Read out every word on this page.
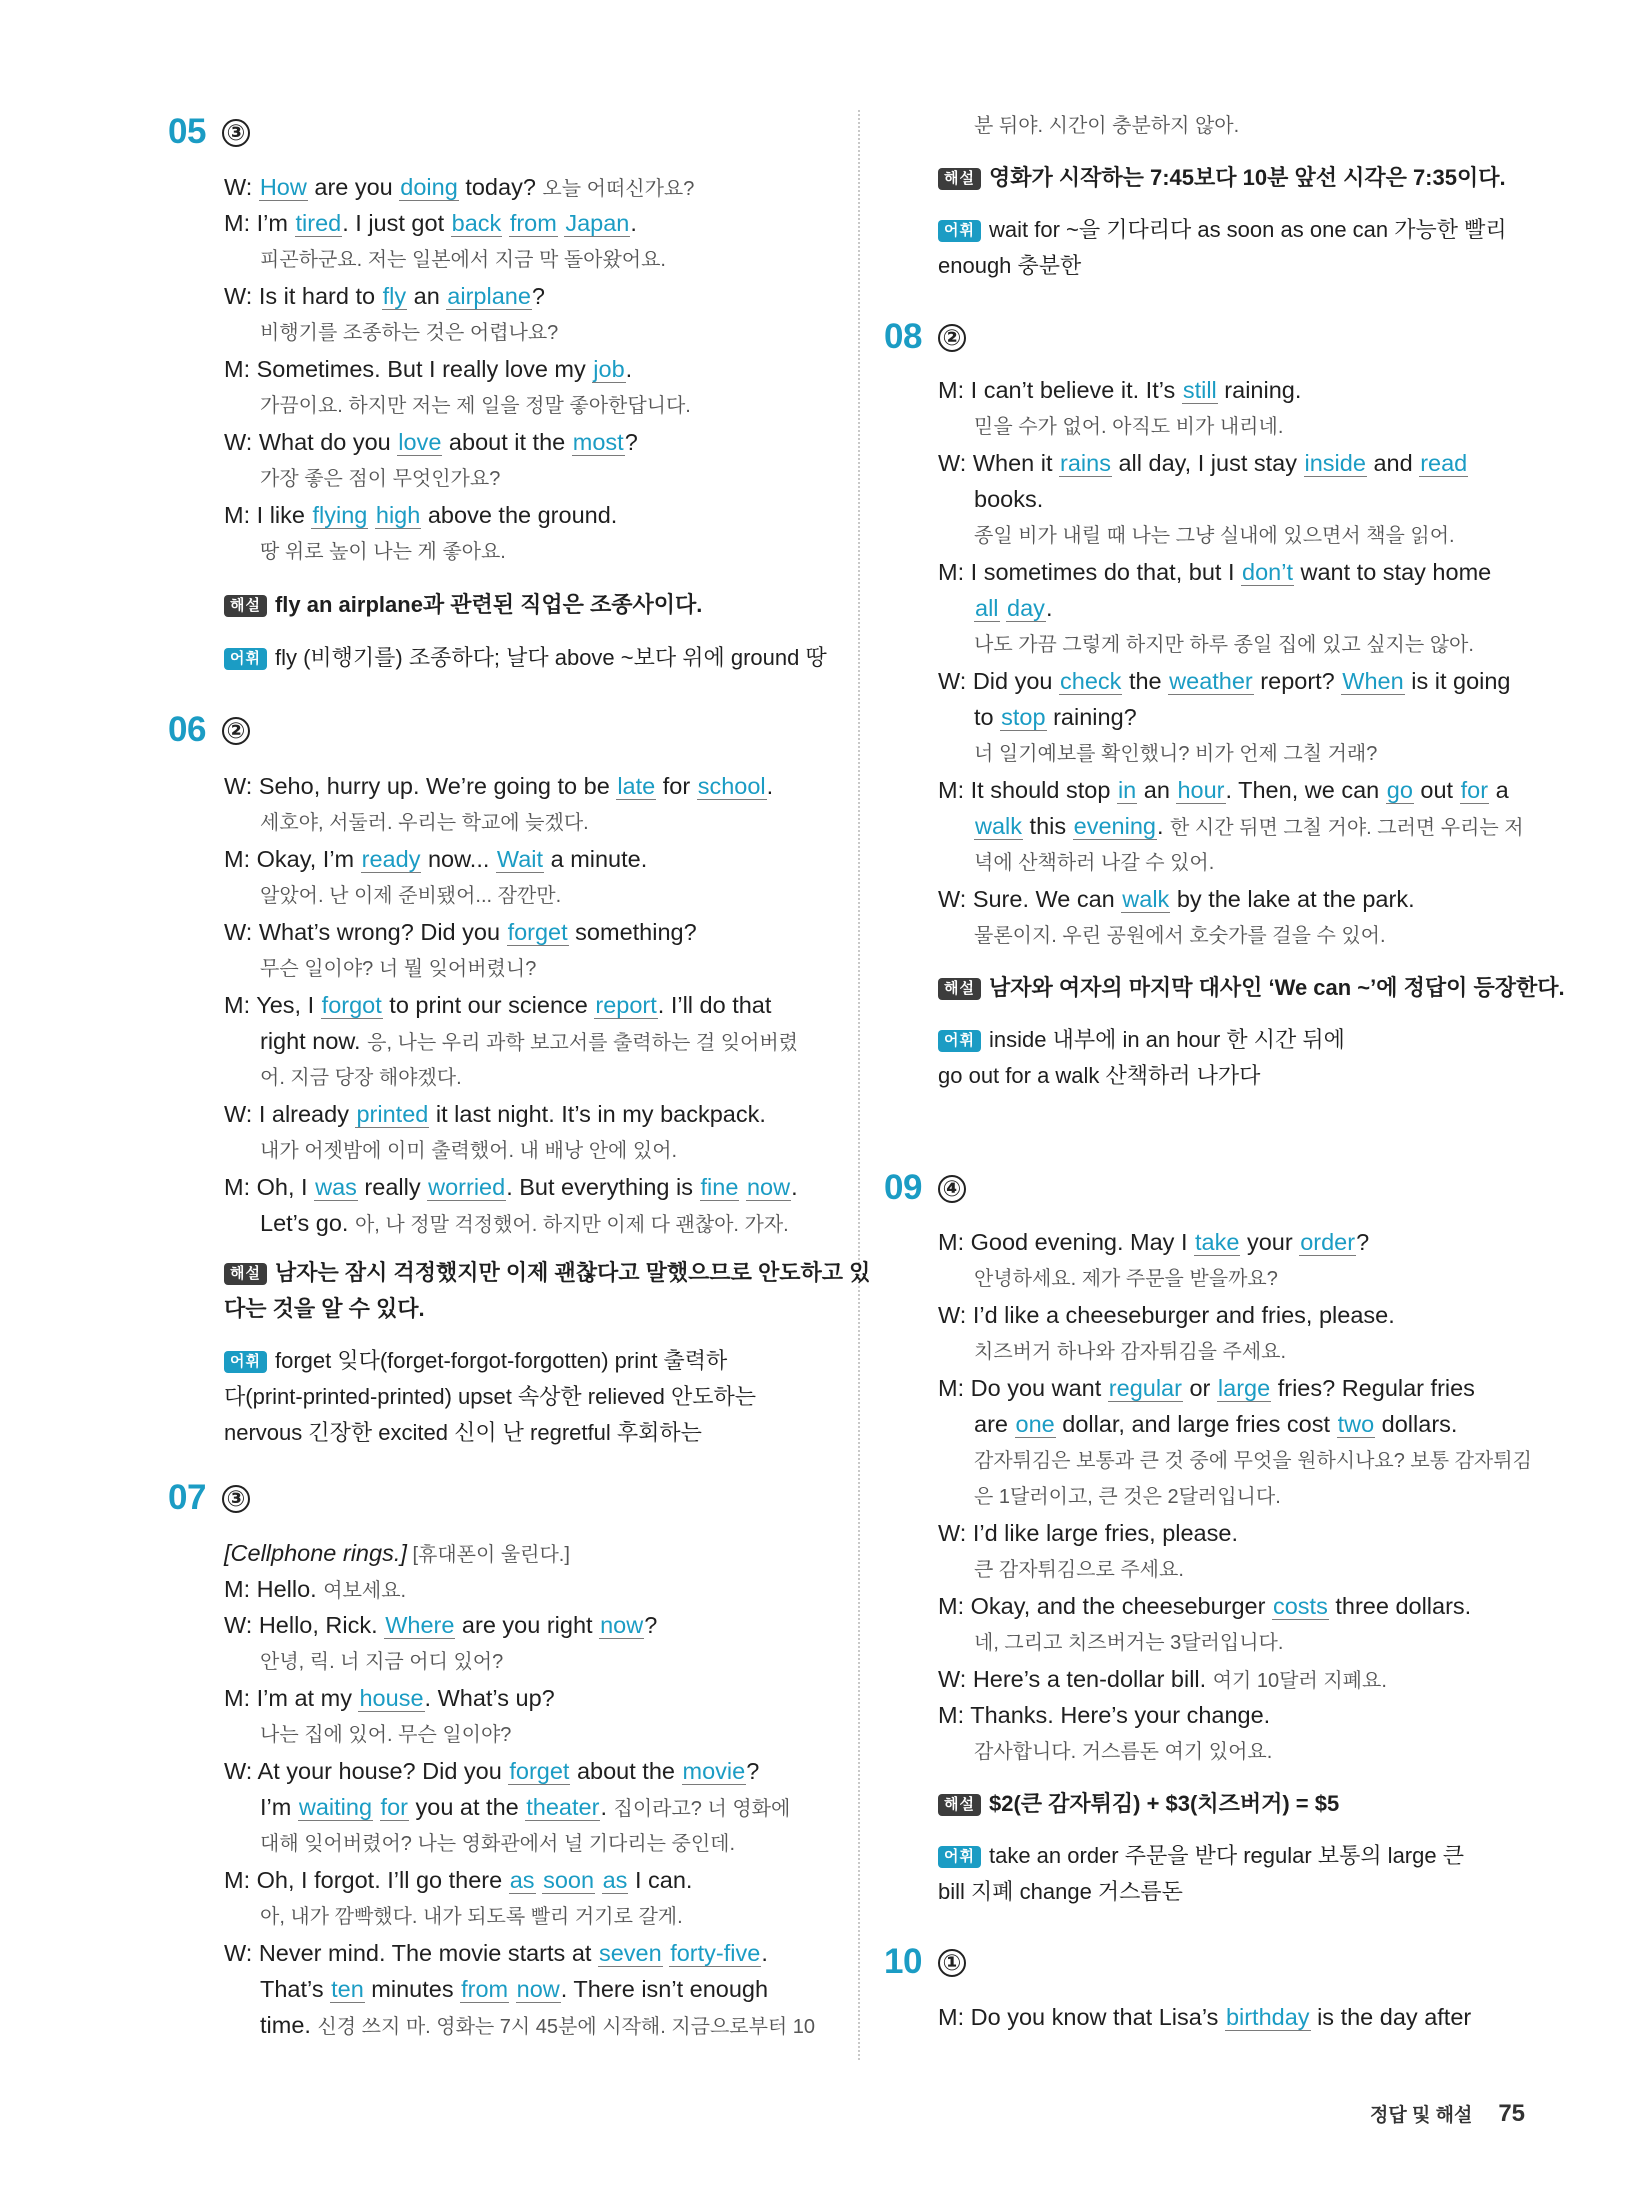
05 ③
W: How are you doing today? 오늘 어떠신가요?
M: I’m tired. I just got back from Japan.
피곤하군요. 저는 일본에서 지금 막 돌아왔어요.
W: Is it hard to fly an airplane?
비행기를 조종하는 것은 어렵나요?
M: Sometimes. But I really love my job.
가끔이요. 하지만 저는 제 일을 정말 좋아한답니다.
W: What do you love about it the most?
가장 좋은 점이 무엇인가요?
M: I like flying high above the ground.
땅 위로 높이 나는 게 좋아요.
해설 fly an airplane과 관련된 직업은 조종사이다.
어휘 fly (비행기를) 조종하다; 날다 above ~보다 위에 ground 땅
06 ②
W: Seho, hurry up. We’re going to be late for school.
세호야, 서둘러. 우리는 학교에 늦겠다.
M: Okay, I’m ready now... Wait a minute.
알았어. 난 이제 준비됐어... 잠깐만.
W: What’s wrong? Did you forget something?
무슨 일이야? 너 뭘 잊어버렸니?
M: Yes, I forgot to print our science report. I’ll do that
right now. 응, 나는 우리 과학 보고서를 출력하는 걸 잊어버렸
어. 지금 당장 해야겠다.
W: I already printed it last night. It’s in my backpack.
내가 어젯밤에 이미 출력했어. 내 배낭 안에 있어.
M: Oh, I was really worried. But everything is fine now.
Let’s go. 아, 나 정말 걱정했어. 하지만 이제 다 괜찮아. 가자.
해설 남자는 잠시 걱정했지만 이제 괜찮다고 말했으므로 안도하고 있
다는 것을 알 수 있다.
어휘 forget 잊다(forget-forgot-forgotten) print 출력하
다(print-printed-printed) upset 속상한 relieved 안도하는
nervous 긴장한 excited 신이 난 regretful 후회하는
07 ③
[Cellphone rings.] [휴대폰이 울린다.]
M: Hello. 여보세요.
W: Hello, Rick. Where are you right now?
안녕, 릭. 너 지금 어디 있어?
M: I’m at my house. What’s up?
나는 집에 있어. 무슨 일이야?
W: At your house? Did you forget about the movie?
I’m waiting for you at the theater. 집이라고? 너 영화에
대해 잊어버렸어? 나는 영화관에서 널 기다리는 중인데.
M: Oh, I forgot. I’ll go there as soon as I can.
아, 내가 깜빡했다. 내가 되도록 빨리 거기로 갈게.
W: Never mind. The movie starts at seven forty-five.
That’s ten minutes from now. There isn’t enough
time. 신경 쓰지 마. 영화는 7시 45분에 시작해. 지금으로부터 10
분 뒤야. 시간이 충분하지 않아.
해설 영화가 시작하는 7:45보다 10분 앞선 시각은 7:35이다.
어휘 wait for ~을 기다리다 as soon as one can 가능한 빨리
enough 충분한
08 ②
M: I can’t believe it. It’s still raining.
믿을 수가 없어. 아직도 비가 내리네.
W: When it rains all day, I just stay inside and read
books.
종일 비가 내릴 때 나는 그냥 실내에 있으면서 책을 읽어.
M: I sometimes do that, but I don’t want to stay home
all day.
나도 가끔 그렇게 하지만 하루 종일 집에 있고 싶지는 않아.
W: Did you check the weather report? When is it going
to stop raining?
너 일기예보를 확인했니? 비가 언제 그칠 거래?
M: It should stop in an hour. Then, we can go out for a
walk this evening. 한 시간 뒤면 그칠 거야. 그러면 우리는 저
녁에 산책하러 나갈 수 있어.
W: Sure. We can walk by the lake at the park.
물론이지. 우린 공원에서 호숫가를 걸을 수 있어.
해설 남자와 여자의 마지막 대사인 ‘We can ~’에 정답이 등장한다.
어휘 inside 내부에 in an hour 한 시간 뒤에
go out for a walk 산책하러 나가다
09 ④
M: Good evening. May I take your order?
안녕하세요. 제가 주문을 받을까요?
W: I’d like a cheeseburger and fries, please.
치즈버거 하나와 감자튀김을 주세요.
M: Do you want regular or large fries? Regular fries
are one dollar, and large fries cost two dollars.
감자튀김은 보통과 큰 것 중에 무엇을 원하시나요? 보통 감자튀김
은 1달러이고, 큰 것은 2달러입니다.
W: I’d like large fries, please.
큰 감자튀김으로 주세요.
M: Okay, and the cheeseburger costs three dollars.
네, 그리고 치즈버거는 3달러입니다.
W: Here’s a ten-dollar bill. 여기 10달러 지폐요.
M: Thanks. Here’s your change.
감사합니다. 거스름돈 여기 있어요.
해설 $2(큰 감자튀김) + $3(치즈버거) = $5
어휘 take an order 주문을 받다 regular 보통의 large 큰
bill 지폐 change 거스름돈
10 ①
M: Do you know that Lisa’s birthday is the day after
정답 및 해설 75
